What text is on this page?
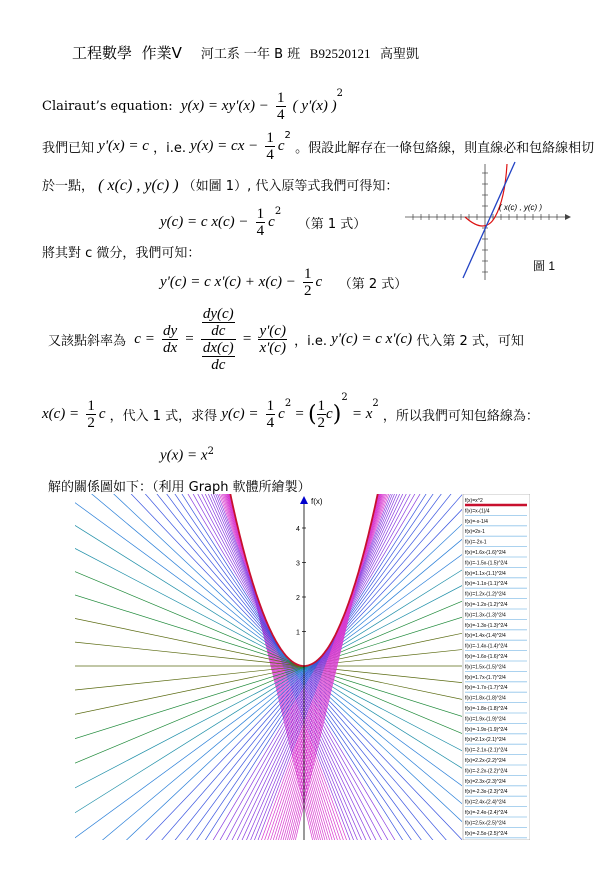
工程數學 作業V 河工系 一年 B 班 B92520121 高聖凱
Clairaut’s equation: $y(x) = xy'(x) - \frac{1}{4}$ ( y'(x) )$^2$
我們已知 y'(x) = c ，i.e. y(x) = cx − $\frac{1}{4} c^2$ 。假設此解存在一條包絡線，則直線必和包絡線相切
於一點， ( x(c) , y(c) ) （如圖 1）, 代入原等式我們可得知：
y(c) = c $x(c) - \frac{1}{4} c^2$    （第 1 式）
將其對 c 微分，我們可知：
y'(c) = c $x'(c) + x(c) - \frac{1}{2}$ c （第 2 式）
( x(c) , y(c) )
圖 1
又該點斜率為 $c = \frac{dy}{dx} = \frac{\frac{dy(c)}{dc}}{\frac{dx(c)}{dc}} = \frac{y'(c)}{x'(c)}$ ，i.e. y'(c) = c x'(c) 代入第 2 式，可知
$x(c) = \frac{1}{2}$ c ，代入 1 式，求得 $y(c) = \frac{1}{4} c^2$ = ( $\frac{1}{2} c)^2 = x^2$ ，所以我們可知包絡線為：
$y(x) = x^2$
解的關係圖如下：（利用 Graph 軟體所繪製）
f(x)
1
2
3
4
f(x)=x^2
f(x)=x-(1)/4
f(x)=-x-1/4
f(x)=2x-1
f(x)=-2x-1
f(x)=1.6x-(1.6)^2/4
f(x)=-1.5x-(1.5)^2/4
f(x)=1.1x-(1.1)^2/4
f(x)=-1.1x-(1.1)^2/4
f(x)=1.2x-(1.2)^2/4
f(x)=-1.2x-(1.2)^2/4
f(x)=1.3x-(1.3)^2/4
f(x)=-1.3x-(1.3)^2/4
f(x)=1.4x-(1.4)^2/4
f(x)=-1.4x-(1.4)^2/4
f(x)=-1.6x-(1.6)^2/4
f(x)=1.5x-(1.5)^2/4
f(x)=1.7x-(1.7)^2/4
f(x)=-1.7x-(1.7)^2/4
f(x)=1.8x-(1.8)^2/4
f(x)=-1.8x-(1.8)^2/4
f(x)=1.9x-(1.9)^2/4
f(x)=-1.9x-(1.9)^2/4
f(x)=2.1x-(2.1)^2/4
f(x)=-2.1x-(2.1)^2/4
f(x)=2.2x-(2.2)^2/4
f(x)=-2.2x-(2.2)^2/4
f(x)=2.3x-(2.3)^2/4
f(x)=-2.3x-(2.3)^2/4
f(x)=2.4x-(2.4)^2/4
f(x)=-2.4x-(2.4)^2/4
f(x)=2.5x-(2.5)^2/4
f(x)=-2.5x-(2.5)^2/4
